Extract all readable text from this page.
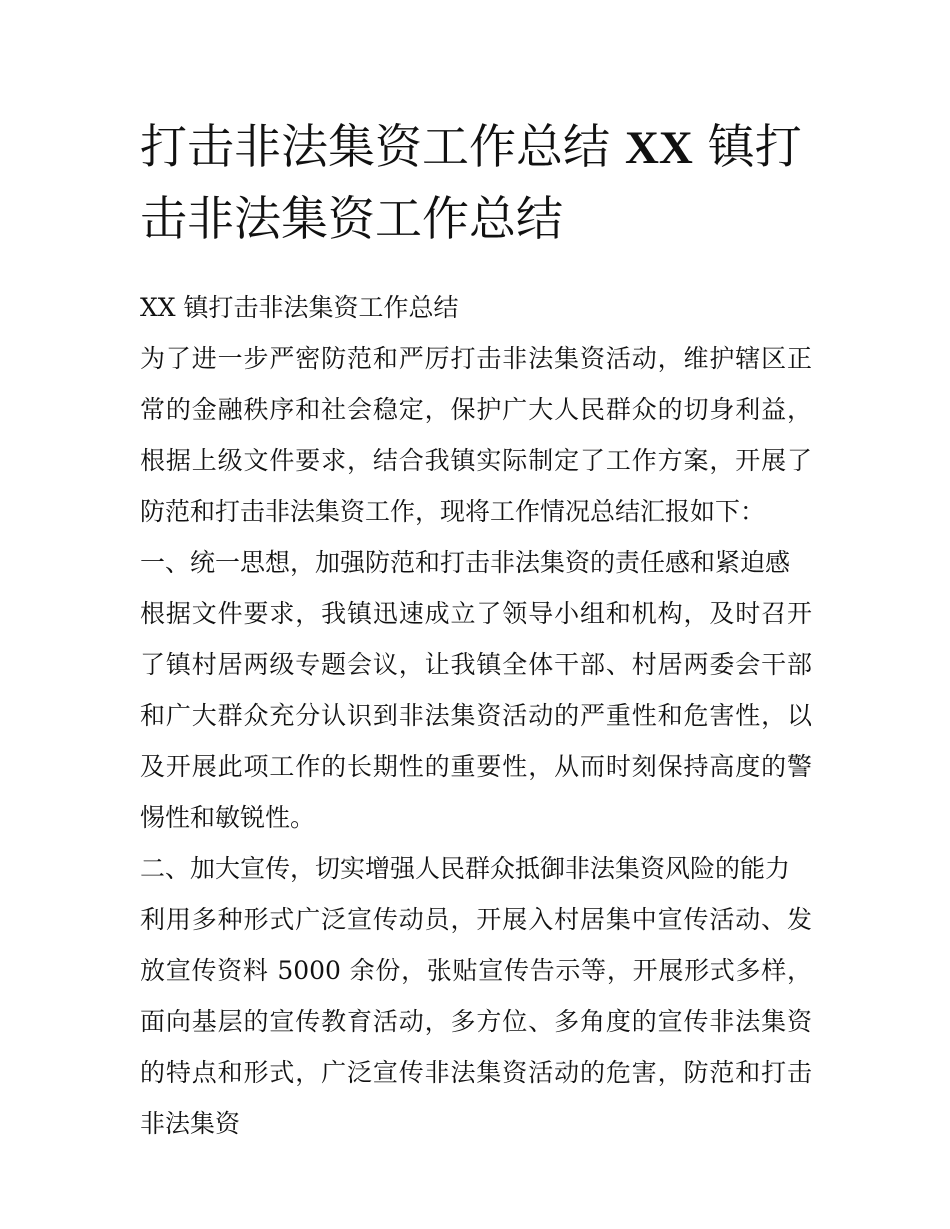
打击非法集资工作总结 XX 镇打击非法集资工作总结

XX 镇打击非法集资工作总结

为了进一步严密防范和严厉打击非法集资活动，维护辖区正常的金融秩序和社会稳定，保护广大人民群众的切身利益，根据上级文件要求，结合我镇实际制定了工作方案，开展了防范和打击非法集资工作，现将工作情况总结汇报如下：

一、统一思想，加强防范和打击非法集资的责任感和紧迫感

根据文件要求，我镇迅速成立了领导小组和机构，及时召开了镇村居两级专题会议，让我镇全体干部、村居两委会干部和广大群众充分认识到非法集资活动的严重性和危害性，以及开展此项工作的长期性的重要性，从而时刻保持高度的警惕性和敏锐性。

二、加大宣传，切实增强人民群众抵御非法集资风险的能力

利用多种形式广泛宣传动员，开展入村居集中宣传活动、发放宣传资料 5000 余份，张贴宣传告示等，开展形式多样，面向基层的宣传教育活动，多方位、多角度的宣传非法集资的特点和形式，广泛宣传非法集资活动的危害，防范和打击非法集资
